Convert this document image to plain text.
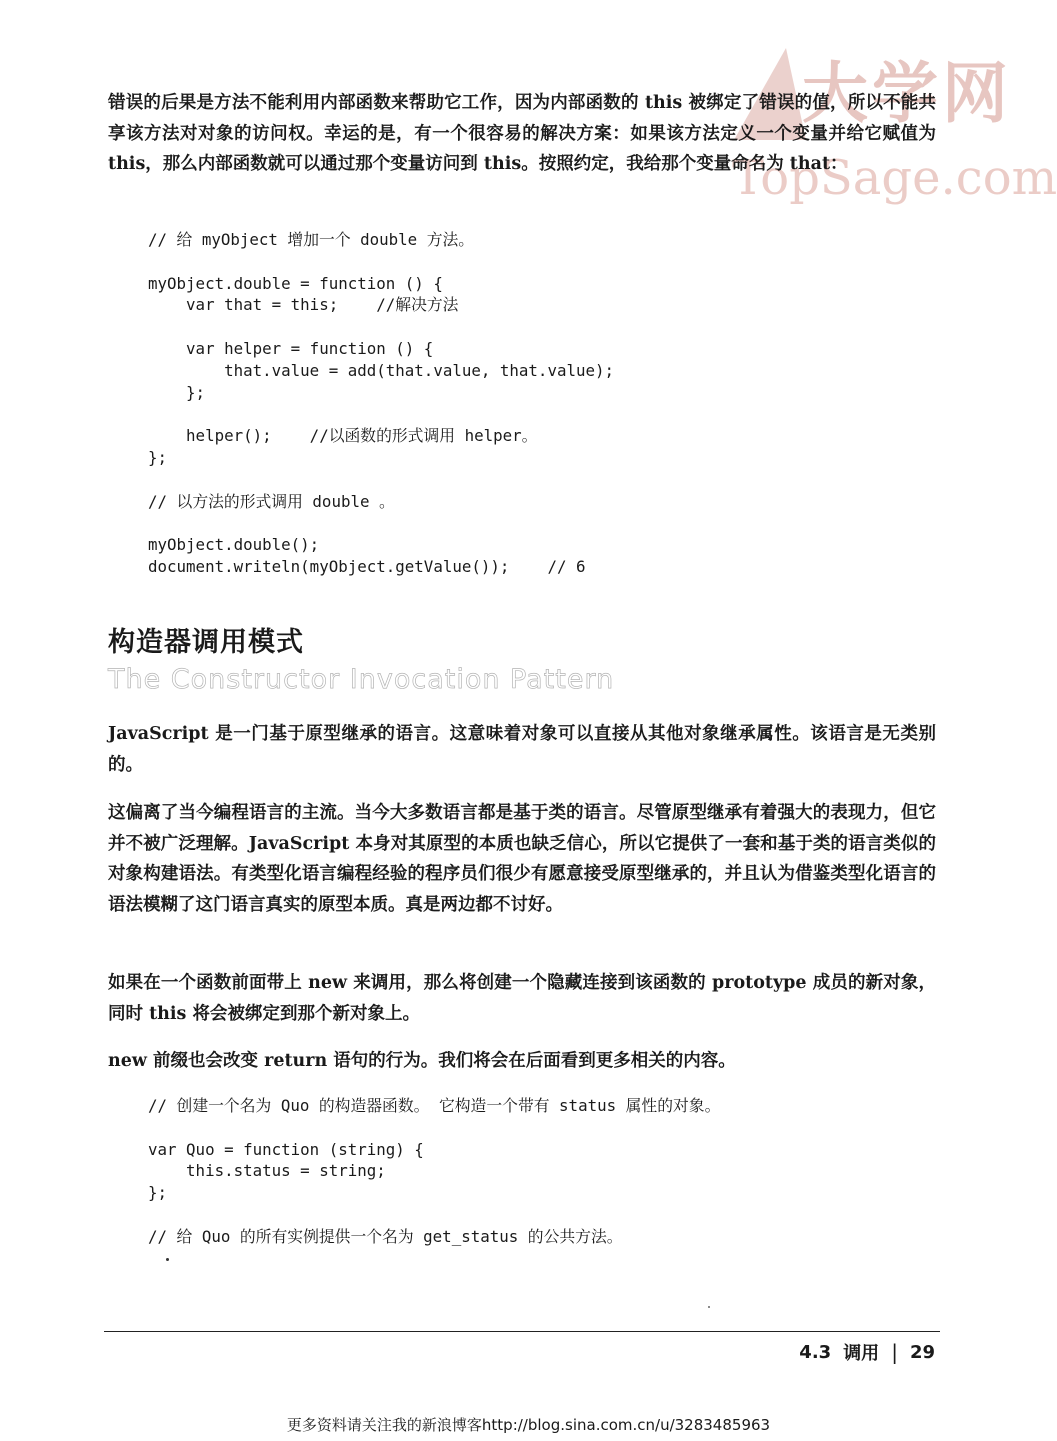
大学网
TopSage.com
错误的后果是方法不能利用内部函数来帮助它工作，因为内部函数的 this 被绑定了错误的值，所以不能共享该方法对对象的访问权。幸运的是，有一个很容易的解决方案：如果该方法定义一个变量并给它赋值为 this，那么内部函数就可以通过那个变量访问到 this。按照约定，我给那个变量命名为 that：
// 给 myObject 增加一个 double 方法。

myObject.double = function () {
var that = this;    //解决方法

var helper = function () {
that.value = add(that.value, that.value);
};

helper();    //以函数的形式调用 helper。
};

// 以方法的形式调用 double 。

myObject.double();
document.writeln(myObject.getValue());    // 6
构造器调用模式
The Constructor Invocation Pattern
JavaScript 是一门基于原型继承的语言。这意味着对象可以直接从其他对象继承属性。该语言是无类别的。
这偏离了当今编程语言的主流。当今大多数语言都是基于类的语言。尽管原型继承有着强大的表现力，但它并不被广泛理解。JavaScript 本身对其原型的本质也缺乏信心，所以它提供了一套和基于类的语言类似的对象构建语法。有类型化语言编程经验的程序员们很少有愿意接受原型继承的，并且认为借鉴类型化语言的语法模糊了这门语言真实的原型本质。真是两边都不讨好。
如果在一个函数前面带上 new 来调用，那么将创建一个隐藏连接到该函数的 prototype 成员的新对象，同时 this 将会被绑定到那个新对象上。
new 前缀也会改变 return 语句的行为。我们将会在后面看到更多相关的内容。
// 创建一个名为 Quo 的构造器函数。 它构造一个带有 status 属性的对象。

var Quo = function (string) {
this.status = string;
};

// 给 Quo 的所有实例提供一个名为 get_status 的公共方法。
4.3 调用 | 29
更多资料请关注我的新浪博客http://blog.sina.com.cn/u/3283485963
